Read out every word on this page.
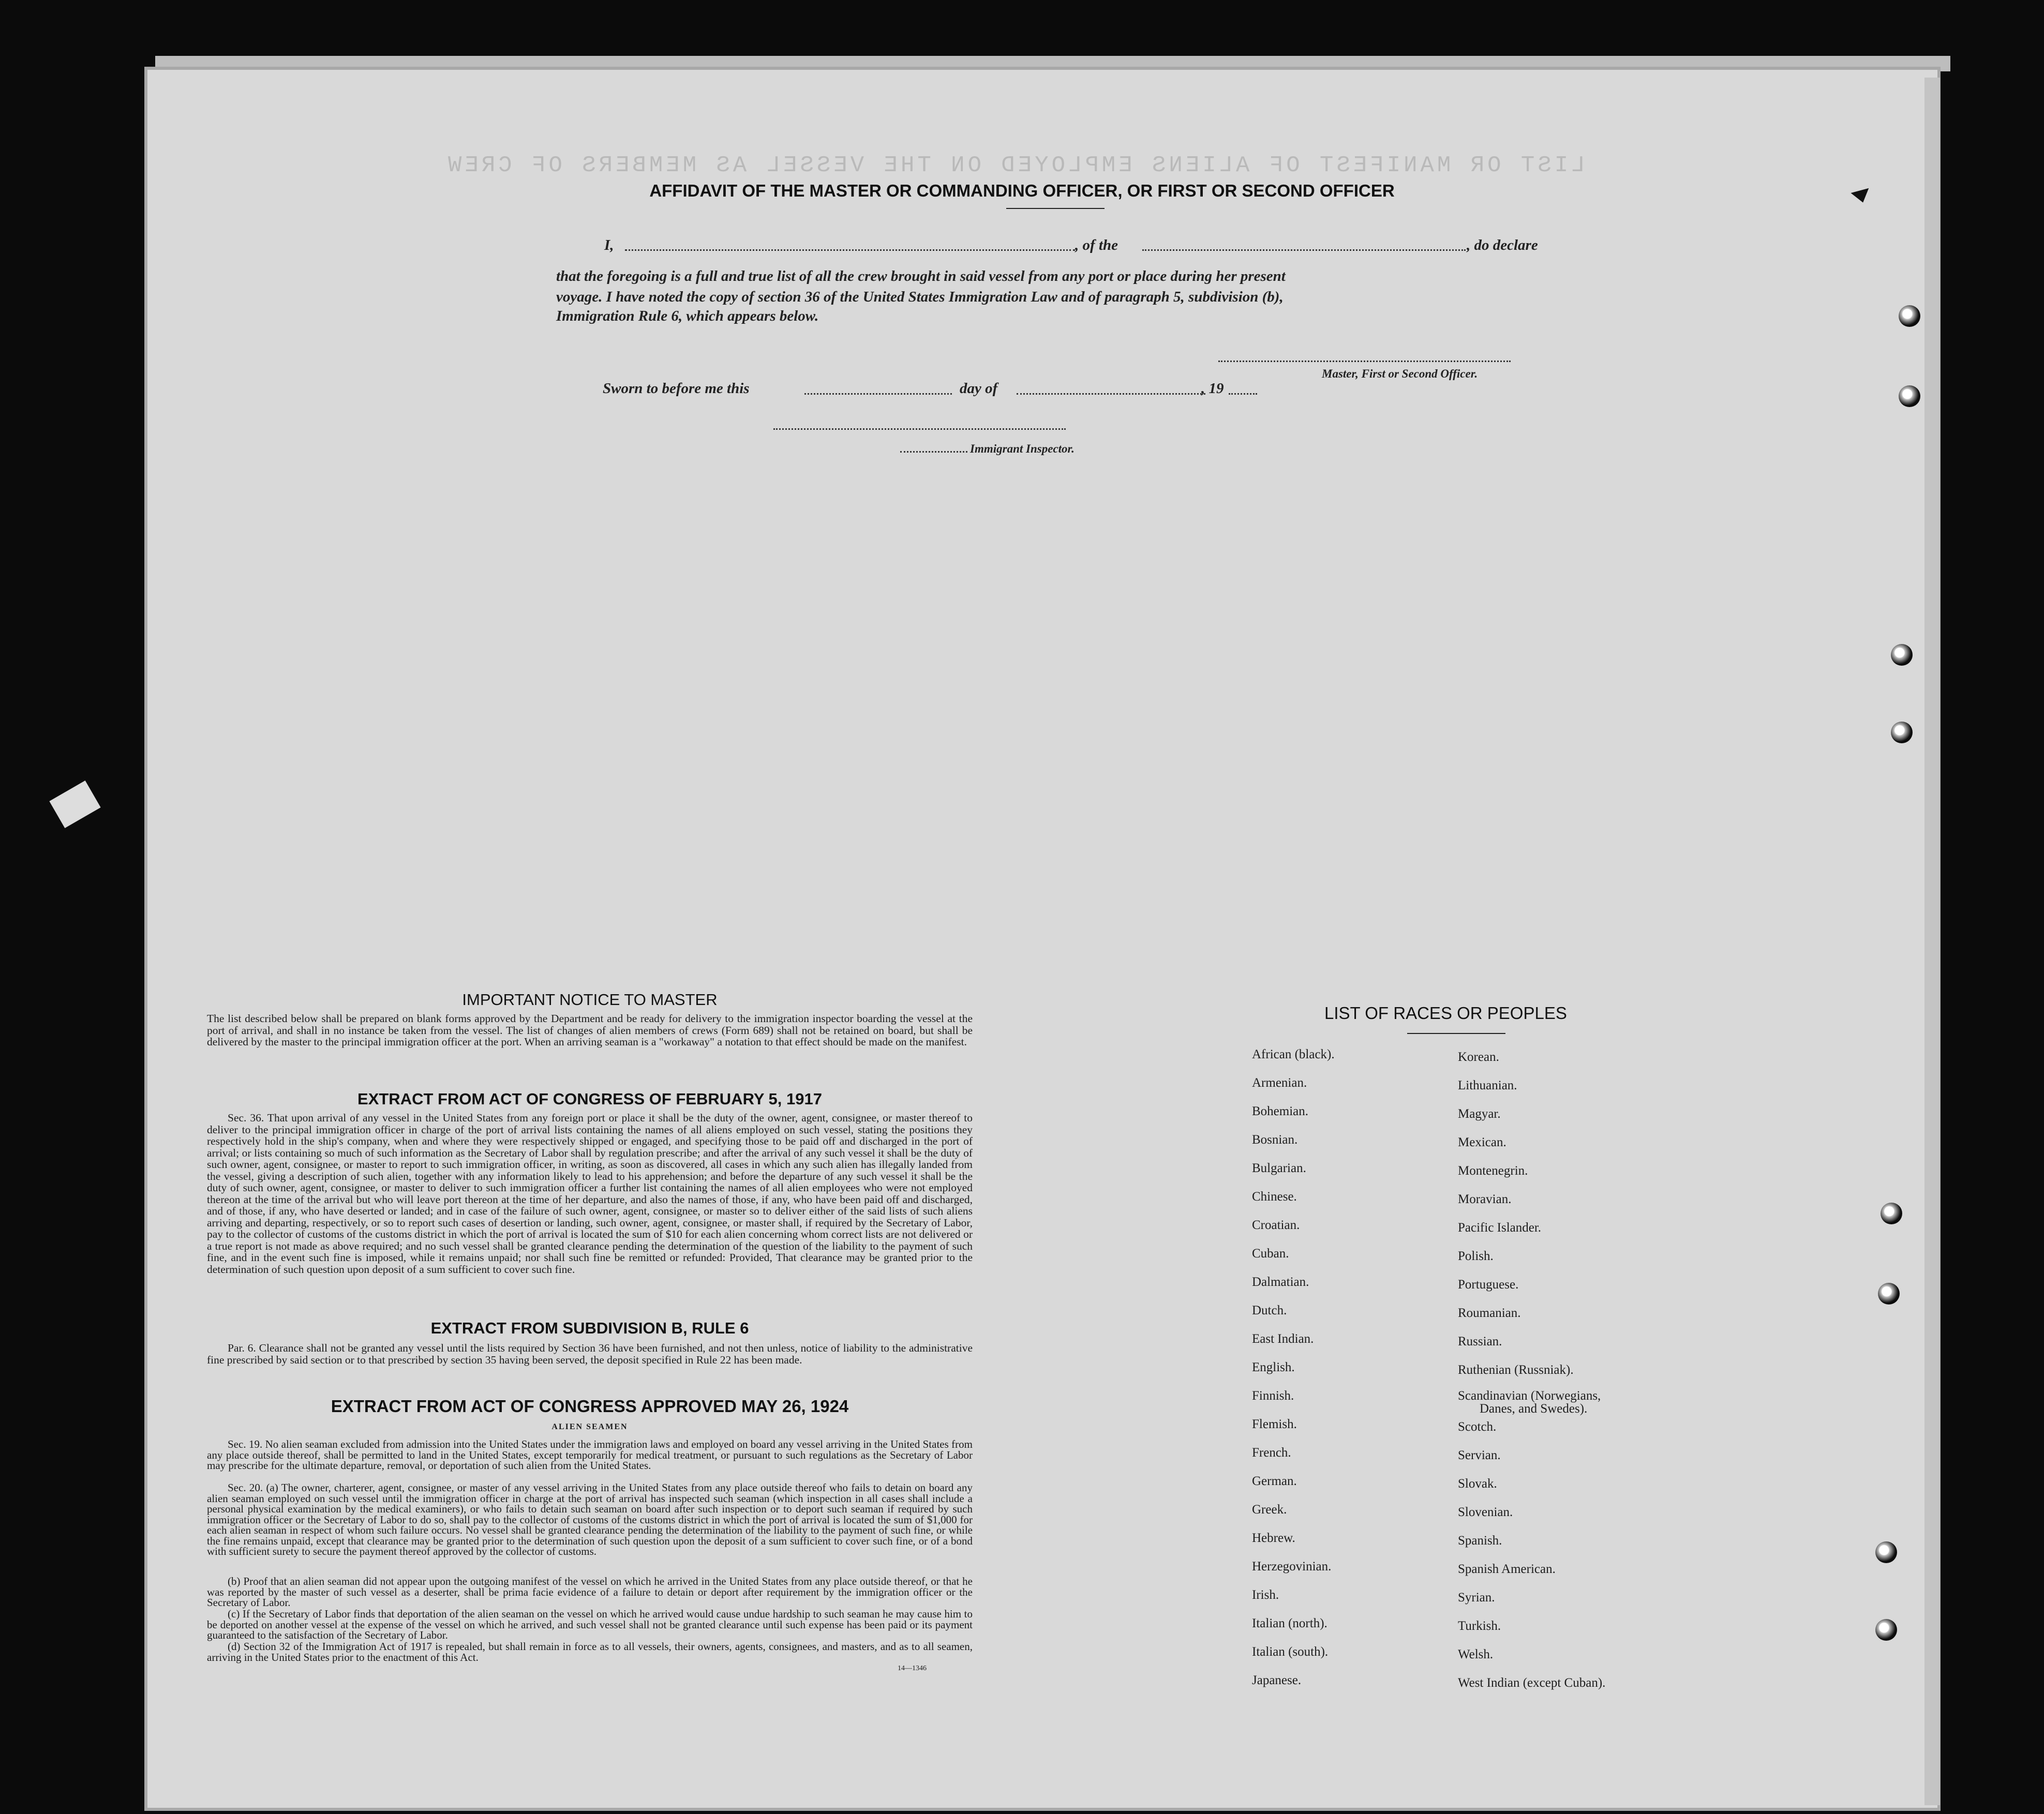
LIST OR MANIFEST OF ALIENS EMPLOYED ON THE VESSEL AS MEMBERS OF CREW
AFFIDAVIT OF THE MASTER OR COMMANDING OFFICER, OR FIRST OR SECOND OFFICER
I,	, of the	, do declare
that the foregoing is a full and true list of all the crew brought in said vessel from any port or place during her present
voyage. I have noted the copy of section 36 of the United States Immigration Law and of paragraph 5, subdivision (b),
Immigration Rule 6, which appears below.
Master, First or Second Officer.
Sworn to before me this	day of	, 19
Immigrant Inspector.
IMPORTANT NOTICE TO MASTER
The list described below shall be prepared on blank forms approved by the Department and be ready for delivery to the immigration inspector boarding the vessel at the port of arrival, and shall in no instance be taken from the vessel. The list of changes of alien members of crews (Form 689) shall not be retained on board, but shall be delivered by the master to the principal immigration officer at the port. When an arriving seaman is a "workaway" a notation to that effect should be made on the manifest.
EXTRACT FROM ACT OF CONGRESS OF FEBRUARY 5, 1917
Sec. 36. That upon arrival of any vessel in the United States from any foreign port or place it shall be the duty of the owner, agent, consignee, or master thereof to deliver to the principal immigration officer in charge of the port of arrival lists containing the names of all aliens employed on such vessel, stating the positions they respectively hold in the ship's company, when and where they were respectively shipped or engaged, and specifying those to be paid off and discharged in the port of arrival; or lists containing so much of such information as the Secretary of Labor shall by regulation prescribe; and after the arrival of any such vessel it shall be the duty of such owner, agent, consignee, or master to report to such immigration officer, in writing, as soon as discovered, all cases in which any such alien has illegally landed from the vessel, giving a description of such alien, together with any information likely to lead to his apprehension; and before the departure of any such vessel it shall be the duty of such owner, agent, consignee, or master to deliver to such immigration officer a further list containing the names of all alien employees who were not employed thereon at the time of the arrival but who will leave port thereon at the time of her departure, and also the names of those, if any, who have been paid off and discharged, and of those, if any, who have deserted or landed; and in case of the failure of such owner, agent, consignee, or master so to deliver either of the said lists of such aliens arriving and departing, respectively, or so to report such cases of desertion or landing, such owner, agent, consignee, or master shall, if required by the Secretary of Labor, pay to the collector of customs of the customs district in which the port of arrival is located the sum of $10 for each alien concerning whom correct lists are not delivered or a true report is not made as above required; and no such vessel shall be granted clearance pending the determination of the question of the liability to the payment of such fine, and in the event such fine is imposed, while it remains unpaid; nor shall such fine be remitted or refunded: Provided, That clearance may be granted prior to the determination of such question upon deposit of a sum sufficient to cover such fine.
EXTRACT FROM SUBDIVISION B, RULE 6
Par. 6. Clearance shall not be granted any vessel until the lists required by Section 36 have been furnished, and not then unless, notice of liability to the administrative fine prescribed by said section or to that prescribed by section 35 having been served, the deposit specified in Rule 22 has been made.
EXTRACT FROM ACT OF CONGRESS APPROVED MAY 26, 1924
ALIEN SEAMEN
Sec. 19. No alien seaman excluded from admission into the United States under the immigration laws and employed on board any vessel arriving in the United States from any place outside thereof, shall be permitted to land in the United States, except temporarily for medical treatment, or pursuant to such regulations as the Secretary of Labor may prescribe for the ultimate departure, removal, or deportation of such alien from the United States.
Sec. 20. (a) The owner, charterer, agent, consignee, or master of any vessel arriving in the United States from any place outside thereof who fails to detain on board any alien seaman employed on such vessel until the immigration officer in charge at the port of arrival has inspected such seaman (which inspection in all cases shall include a personal physical examination by the medical examiners), or who fails to detain such seaman on board after such inspection or to deport such seaman if required by such immigration officer or the Secretary of Labor to do so, shall pay to the collector of customs of the customs district in which the port of arrival is located the sum of $1,000 for each alien seaman in respect of whom such failure occurs. No vessel shall be granted clearance pending the determination of the liability to the payment of such fine, or while the fine remains unpaid, except that clearance may be granted prior to the determination of such question upon the deposit of a sum sufficient to cover such fine, or of a bond with sufficient surety to secure the payment thereof approved by the collector of customs.
(b) Proof that an alien seaman did not appear upon the outgoing manifest of the vessel on which he arrived in the United States from any place outside thereof, or that he was reported by the master of such vessel as a deserter, shall be prima facie evidence of a failure to detain or deport after requirement by the immigration officer or the Secretary of Labor.
(c) If the Secretary of Labor finds that deportation of the alien seaman on the vessel on which he arrived would cause undue hardship to such seaman he may cause him to be deported on another vessel at the expense of the vessel on which he arrived, and such vessel shall not be granted clearance until such expense has been paid or its payment guaranteed to the satisfaction of the Secretary of Labor.
(d) Section 32 of the Immigration Act of 1917 is repealed, but shall remain in force as to all vessels, their owners, agents, consignees, and masters, and as to all seamen, arriving in the United States prior to the enactment of this Act.
14—1346
LIST OF RACES OR PEOPLES
African (black).
Armenian.
Bohemian.
Bosnian.
Bulgarian.
Chinese.
Croatian.
Cuban.
Dalmatian.
Dutch.
East Indian.
English.
Finnish.
Flemish.
French.
German.
Greek.
Hebrew.
Herzegovinian.
Irish.
Italian (north).
Italian (south).
Japanese.
Korean.
Lithuanian.
Magyar.
Mexican.
Montenegrin.
Moravian.
Pacific Islander.
Polish.
Portuguese.
Roumanian.
Russian.
Ruthenian (Russniak).
Scandinavian (Norwegians,
Danes, and Swedes).
Scotch.
Servian.
Slovak.
Slovenian.
Spanish.
Spanish American.
Syrian.
Turkish.
Welsh.
West Indian (except Cuban).
